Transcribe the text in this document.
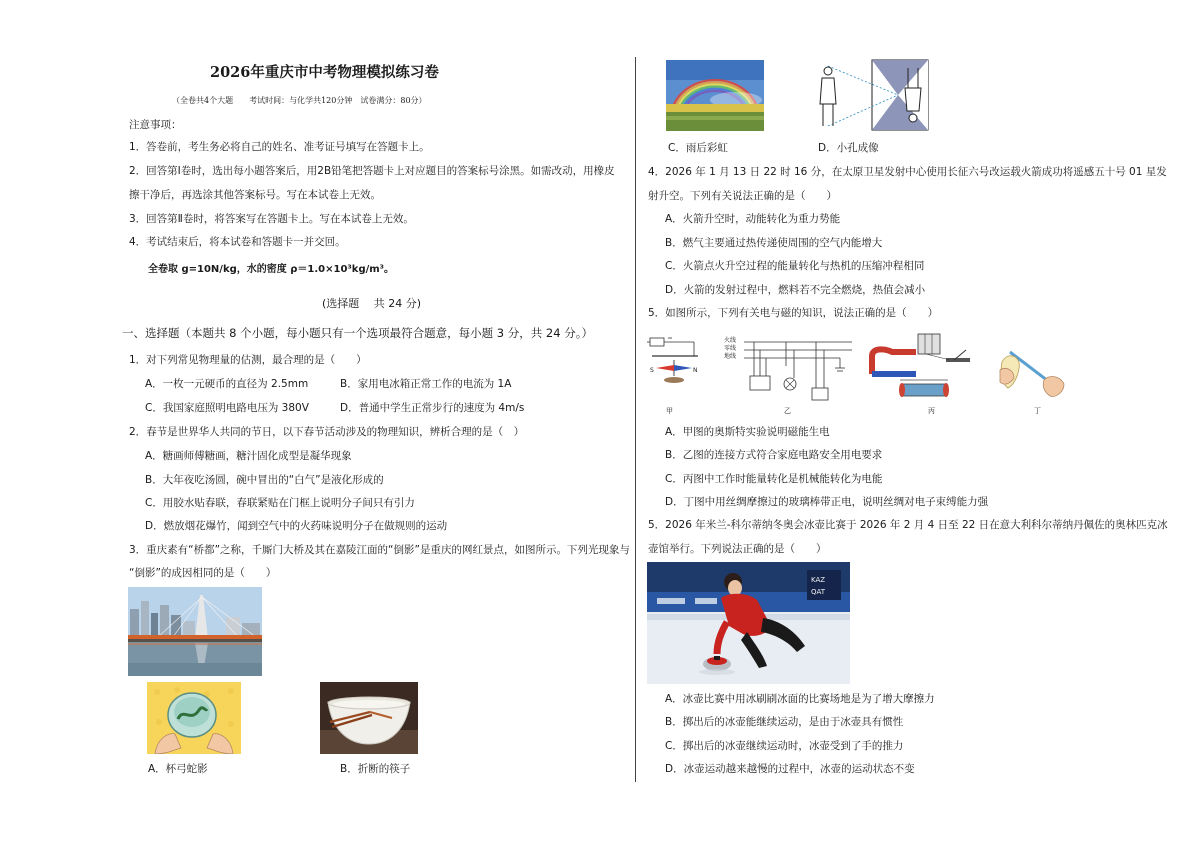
2026年重庆市中考物理模拟练习卷
（全卷共4个大题　　考试时间：与化学共120分钟　试卷满分：80分）
注意事项：
1．答卷前，考生务必将自己的姓名、准考证号填写在答题卡上。
2．回答第Ⅰ卷时，选出每小题答案后，用2B铅笔把答题卡上对应题目的答案标号涂黑。如需改动，用橡皮
擦干净后，再选涂其他答案标号。写在本试卷上无效。
3．回答第Ⅱ卷时，将答案写在答题卡上。写在本试卷上无效。
4．考试结束后，将本试卷和答题卡一并交回。
全卷取 g=10N/kg，水的密度 ρ＝1.0×10³kg/m³。
(选择题　 共 24 分)
一、选择题（本题共 8 个小题，每小题只有一个选项最符合题意，每小题 3 分，共 24 分。）
1．对下列常见物理量的估测，最合理的是（　　）
A．一枚一元硬币的直径为 2.5mm	B．家用电冰箱正常工作的电流为 1A
C．我国家庭照明电路电压为 380V	D．普通中学生正常步行的速度为 4m/s
2．春节是世界华人共同的节日，以下春节活动涉及的物理知识，辨析合理的是（　）
A．糖画师傅糖画，糖汁固化成型是凝华现象
B．大年夜吃汤圆，碗中冒出的“白气”是液化形成的
C．用胶水贴春联，春联紧贴在门框上说明分子间只有引力
D．燃放烟花爆竹，闻到空气中的火药味说明分子在做规则的运动
3．重庆素有“桥都”之称，千厮门大桥及其在嘉陵江面的“倒影”是重庆的网红景点，如图所示。下列光现象与
“倒影”的成因相同的是（　　）
A．杯弓蛇影	B．折断的筷子
C．雨后彩虹	D．小孔成像
4．2026 年 1 月 13 日 22 时 16 分，在太原卫星发射中心使用长征六号改运载火箭成功将遥感五十号 01 星发
射升空。下列有关说法正确的是（　　）
A．火箭升空时，动能转化为重力势能
B．燃气主要通过热传递使周围的空气内能增大
C．火箭点火升空过程的能量转化与热机的压缩冲程相同
D．火箭的发射过程中，燃料若不完全燃烧，热值会减小
5．如图所示，下列有关电与磁的知识，说法正确的是（　　）
S	N
火线
零线
地线
甲	乙	丙	丁
A．甲图的奥斯特实验说明磁能生电
B．乙图的连接方式符合家庭电路安全用电要求
C．丙图中工作时能量转化是机械能转化为电能
D．丁图中用丝绸摩擦过的玻璃棒带正电，说明丝绸对电子束缚能力强
5．2026 年米兰-科尔蒂纳冬奥会冰壶比赛于 2026 年 2 月 4 日至 22 日在意大利科尔蒂纳丹佩佐的奥林匹克冰
壶馆举行。下列说法正确的是（　　）
KAZ
QAT
A．冰壶比赛中用冰刷刷冰面的比赛场地是为了增大摩擦力
B．掷出后的冰壶能继续运动，是由于冰壶具有惯性
C．掷出后的冰壶继续运动时，冰壶受到了手的推力
D．冰壶运动越来越慢的过程中，冰壶的运动状态不变
